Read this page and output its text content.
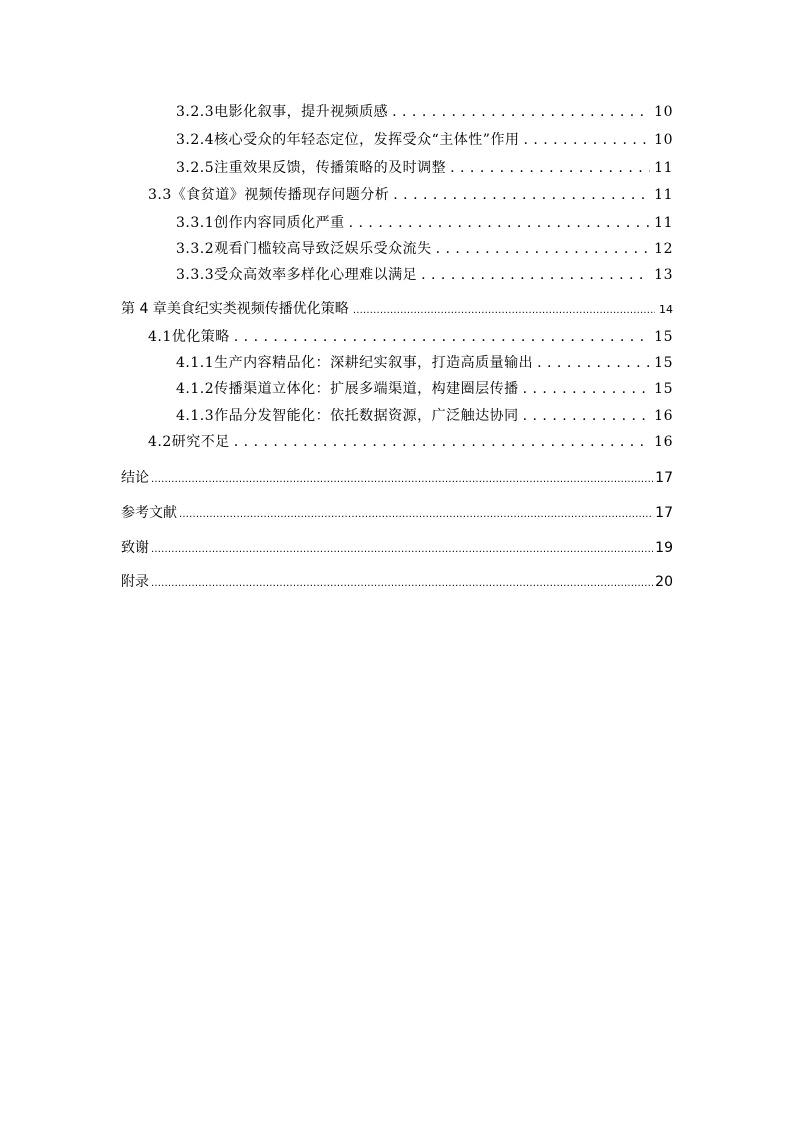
3.2.3 电影化叙事，提升视频质感 . . .	10
3.2.4 核心受众的年轻态定位，发挥受众“主体性”作用 . . .	10
3.2.5 注重效果反馈，传播策略的及时调整 . . .	11
3.3 《食贫道》视频传播现存问题分析 . . .	11
3.3.1 创作内容同质化严重 . . .	11
3.3.2 观看门槛较高导致泛娱乐受众流失 . . .	12
3.3.3 受众高效率多样化心理难以满足 . . .	13
第 4 章 美食纪实类视频传播优化策略 .....	14
4.1 优化策略 . . .	15
4.1.1 生产内容精品化：深耕纪实叙事，打造高质量输出 . . .	15
4.1.2 传播渠道立体化：扩展多端渠道，构建圈层传播 . . .	15
4.1.3 作品分发智能化：依托数据资源，广泛触达协同 . . .	16
4.2 研究不足 . . .	16
结论 .....	17
参考文献 .....	17
致谢 .....	19
附录 .....	20
